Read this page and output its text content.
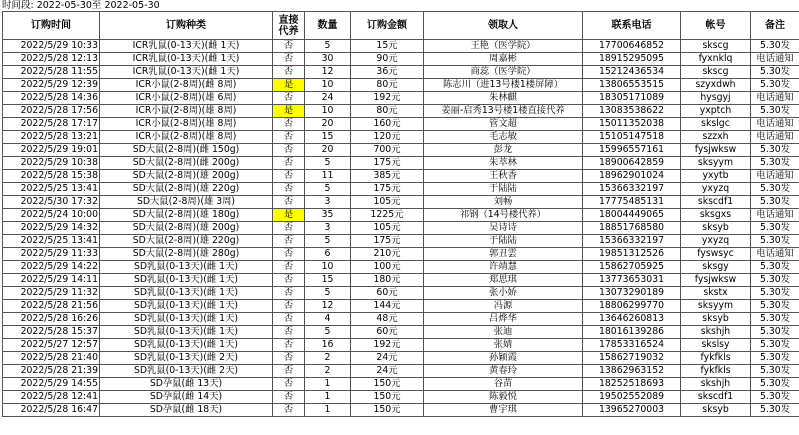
时间段: 2022-05-30至 2022-05-30
订购时间	订购种类	直接代养	数量	订购金额	领取人	联系电话	帐号	备注
2022/5/29 10:33	ICR乳鼠(0-13天)(雌 1天)	否	5	15元	王艳（医学院）	17700646852	skscg	5.30发
2022/5/28 12:13	ICR乳鼠(0-13天)(雌 1天)	否	30	90元	周嘉彬	18915295095	fyxnklq	电话通知
2022/5/28 11:55	ICR乳鼠(0-13天)(雌 1天)	否	12	36元	商蕊（医学院）	15212436534	skscg	5.30发
2022/5/29 12:39	ICR小鼠(2-8周)(雌 8周)	是	10	80元	陈志川（进13号楼1楼屏障）	13806553515	szyxdwh	5.30发
2022/5/28 14:36	ICR小鼠(2-8周)(雄 6周)	否	24	192元	朱林麒	18305171089	hysgyj	电话通知
2022/5/28 17:56	ICR小鼠(2-8周)(雄 8周)	是	10	80元	姜丽-启秀13号楼1楼直接代养	13083538622	yxptch	5.30发
2022/5/28 17:17	ICR小鼠(2-8周)(雄 8周)	否	20	160元	管文超	15011352038	skslgc	电话通知
2022/5/28 13:21	ICR小鼠(2-8周)(雄 8周)	否	15	120元	毛志敏	15105147518	szzxh	电话通知
2022/5/29 19:01	SD大鼠(2-8周)(雌 150g)	否	20	700元	彭龙	15996557161	fysjwksw	5.30发
2022/5/29 10:38	SD大鼠(2-8周)(雌 200g)	否	5	175元	朱萃林	18900642859	sksyym	5.30发
2022/5/28 15:38	SD大鼠(2-8周)(雄 200g)	否	11	385元	王秋香	18962901024	yxytb	电话通知
2022/5/25 13:41	SD大鼠(2-8周)(雄 220g)	否	5	175元	于陆陆	15366332197	yxyzq	5.30发
2022/5/30 17:32	SD大鼠(2-8周)(雄 3周)	否	3	105元	刘畅	17775485131	skscdf1	5.30发
2022/5/24 10:00	SD大鼠(2-8周)(雄 180g)	是	35	1225元	祁钢（14号楼代养）	18004449065	sksgxs	电话通知
2022/5/29 14:32	SD大鼠(2-8周)(雄 200g)	否	3	105元	吴诗诗	18851768580	sksyb	5.30发
2022/5/25 13:41	SD大鼠(2-8周)(雄 220g)	否	5	175元	于陆陆	15366332197	yxyzq	5.30发
2022/5/29 11:33	SD大鼠(2-8周)(雄 280g)	否	6	210元	郭丑雲	19851312526	fyswsyc	电话通知
2022/5/29 14:22	SD乳鼠(0-13天)(雌 1天)	否	10	100元	许靖慧	15862705925	sksgy	5.30发
2022/5/29 14:11	SD乳鼠(0-13天)(雌 1天)	否	15	180元	郑思琪	13773653031	fysjwksw	5.30发
2022/5/29 11:32	SD乳鼠(0-13天)(雌 1天)	否	5	60元	张小娇	13073290189	skstx	5.30发
2022/5/28 21:56	SD乳鼠(0-13天)(雌 1天)	否	12	144元	冯源	18806299770	sksyym	5.30发
2022/5/28 16:26	SD乳鼠(0-13天)(雌 1天)	否	4	48元	吕烨华	13646260813	sksyb	5.30发
2022/5/28 15:37	SD乳鼠(0-13天)(雌 1天)	否	5	60元	张迪	18016139286	skshjh	5.30发
2022/5/27 12:57	SD乳鼠(0-13天)(雌 1天)	否	16	192元	张婧	17853316524	skslsy	5.30发
2022/5/28 21:40	SD乳鼠(0-13天)(雌 2天)	否	2	24元	孙颖霞	15862719032	fykfkls	5.30发
2022/5/28 21:39	SD乳鼠(0-13天)(雌 2天)	否	2	24元	黄春玲	13862963152	fykfkls	5.30发
2022/5/29 14:55	SD孕鼠(雌 13天)	否	1	150元	谷苗	18252518693	skshjh	5.30发
2022/5/28 12:41	SD孕鼠(雌 14天)	否	1	150元	陈毅悦	19502552089	skscdf1	5.30发
2022/5/28 16:47	SD孕鼠(雌 18天)	否	1	150元	曹宇琪	13965270003	sksyb	5.30发
